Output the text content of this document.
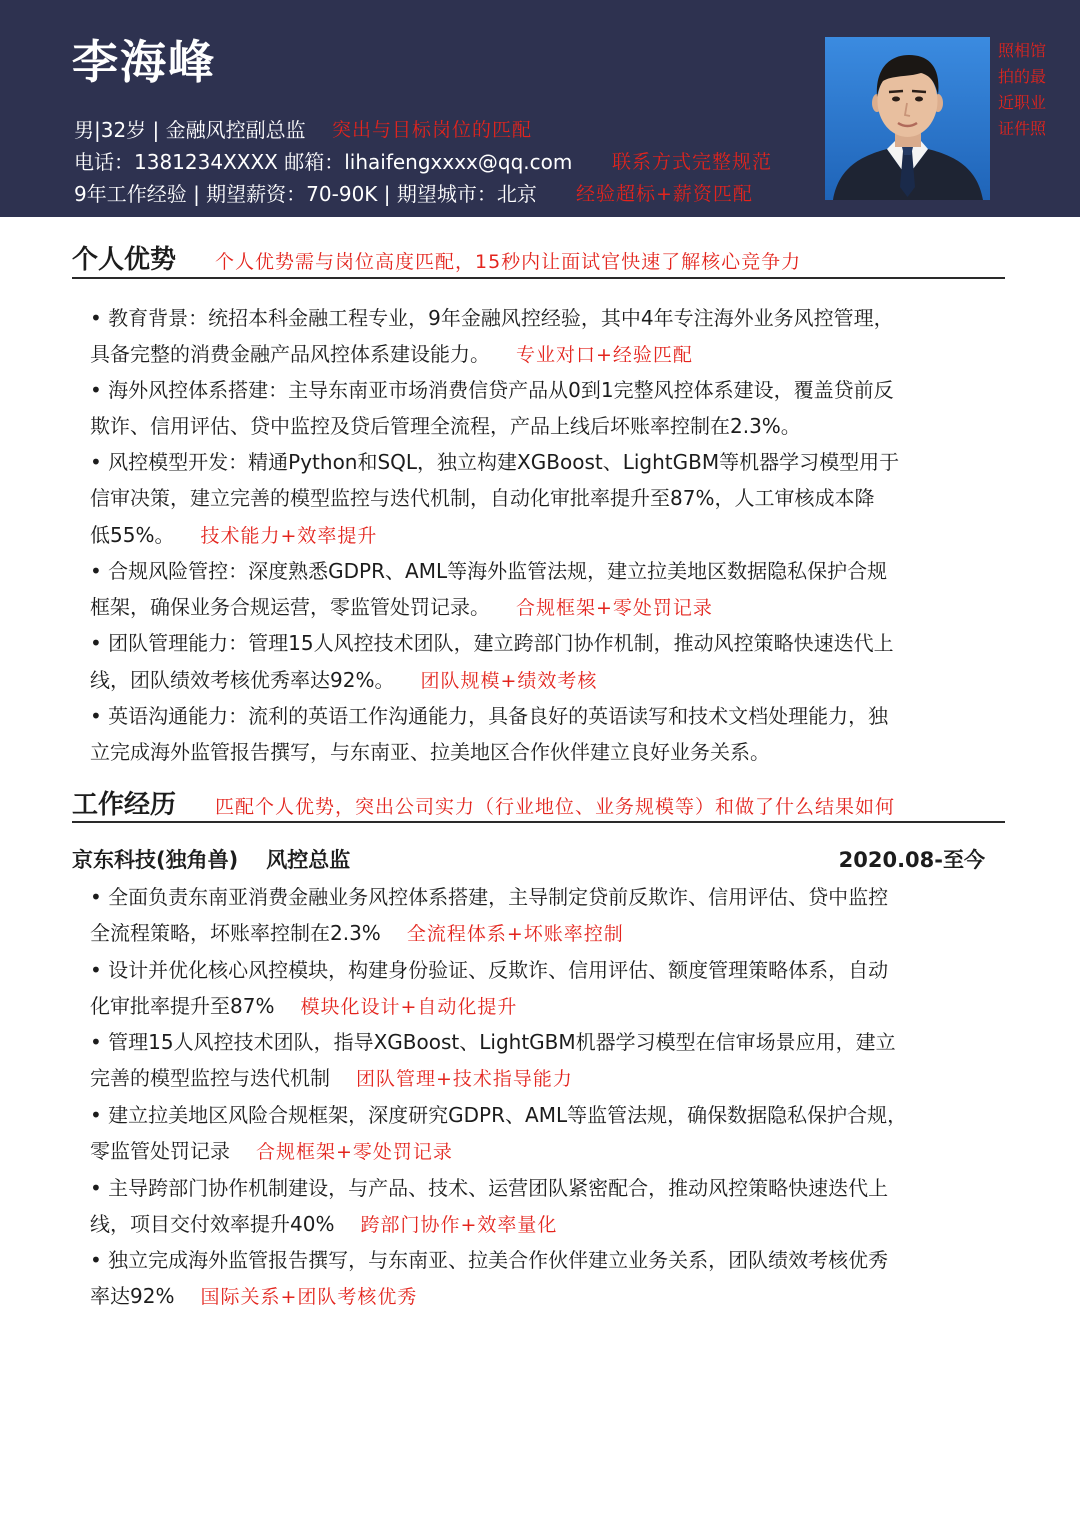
李海峰
男|32岁 | 金融风控副总监 突出与目标岗位的匹配
电话：1381234XXXX 邮箱：lihaifengxxxx@qq.com 联系方式完整规范
9年工作经验 | 期望薪资：70-90K | 期望城市：北京 经验超标+薪资匹配
照相馆
拍的最
近职业
证件照
个人优势 个人优势需与岗位高度匹配，15秒内让面试官快速了解核心竞争力
• 教育背景：统招本科金融工程专业，9年金融风控经验，其中4年专注海外业务风控管理，
具备完整的消费金融产品风控体系建设能力。 专业对口+经验匹配
• 海外风控体系搭建：主导东南亚市场消费信贷产品从0到1完整风控体系建设，覆盖贷前反
欺诈、信用评估、贷中监控及贷后管理全流程，产品上线后坏账率控制在2.3%。
• 风控模型开发：精通Python和SQL，独立构建XGBoost、LightGBM等机器学习模型用于
信审决策，建立完善的模型监控与迭代机制，自动化审批率提升至87%，人工审核成本降
低55%。 技术能力+效率提升
• 合规风险管控：深度熟悉GDPR、AML等海外监管法规，建立拉美地区数据隐私保护合规
框架，确保业务合规运营，零监管处罚记录。 合规框架+零处罚记录
• 团队管理能力：管理15人风控技术团队，建立跨部门协作机制，推动风控策略快速迭代上
线，团队绩效考核优秀率达92%。 团队规模+绩效考核
• 英语沟通能力：流利的英语工作沟通能力，具备良好的英语读写和技术文档处理能力，独
立完成海外监管报告撰写，与东南亚、拉美地区合作伙伴建立良好业务关系。
工作经历 匹配个人优势，突出公司实力（行业地位、业务规模等）和做了什么结果如何
京东科技(独角兽) 风控总监	2020.08-至今
• 全面负责东南亚消费金融业务风控体系搭建，主导制定贷前反欺诈、信用评估、贷中监控
全流程策略，坏账率控制在2.3% 全流程体系+坏账率控制
• 设计并优化核心风控模块，构建身份验证、反欺诈、信用评估、额度管理策略体系，自动
化审批率提升至87% 模块化设计+自动化提升
• 管理15人风控技术团队，指导XGBoost、LightGBM机器学习模型在信审场景应用，建立
完善的模型监控与迭代机制 团队管理+技术指导能力
• 建立拉美地区风险合规框架，深度研究GDPR、AML等监管法规，确保数据隐私保护合规，
零监管处罚记录 合规框架+零处罚记录
• 主导跨部门协作机制建设，与产品、技术、运营团队紧密配合，推动风控策略快速迭代上
线，项目交付效率提升40% 跨部门协作+效率量化
• 独立完成海外监管报告撰写，与东南亚、拉美合作伙伴建立业务关系，团队绩效考核优秀
率达92% 国际关系+团队考核优秀
